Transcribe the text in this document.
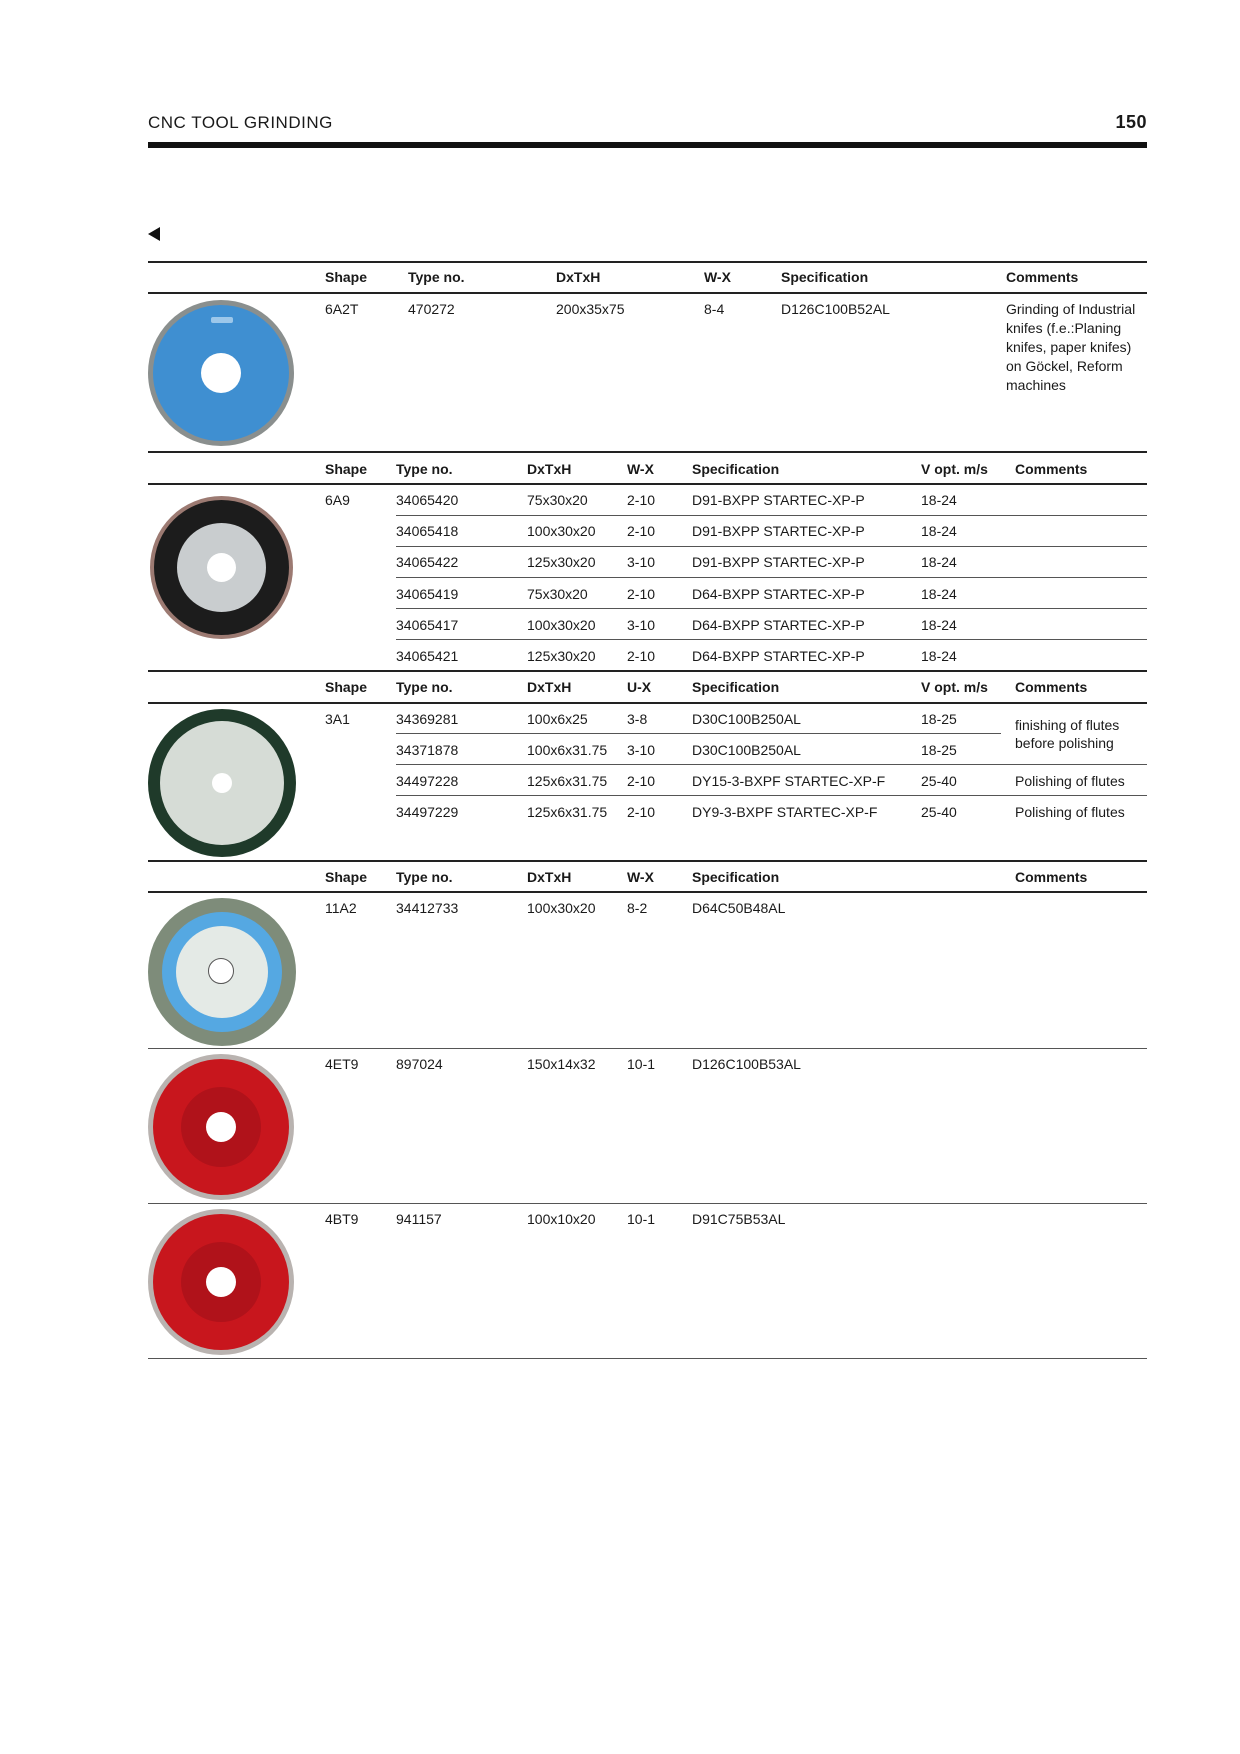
CNC TOOL GRINDING	150
Shape	Type no.	DxTxH	W-X	Specification	Comments
6A2T	470272	200x35x75	8-4	D126C100B52AL	Grinding of Industrial knifes (f.e.:Planing knifes, paper knifes) on Göckel, Reform machines
Shape Type no.	DxTxH	W-X	Specification	V opt. m/s Comments
6A9	34065420	75x30x20	2-10	D91-BXPP STARTEC-XP-P	18-24
34065418	100x30x20 2-10	D91-BXPP STARTEC-XP-P	18-24
34065422	125x30x20 3-10	D91-BXPP STARTEC-XP-P	18-24
34065419	75x30x20	2-10	D64-BXPP STARTEC-XP-P	18-24
34065417	100x30x20 3-10	D64-BXPP STARTEC-XP-P	18-24
34065421	125x30x20 2-10	D64-BXPP STARTEC-XP-P	18-24
Shape Type no.	DxTxH	U-X	Specification	V opt. m/s Comments
3A1	34369281	100x6x25	3-8	D30C100B250AL	18-25	finishing of flutes before polishing
34371878	100x6x31.75 3-10	D30C100B250AL	18-25
34497228	125x6x31.75 2-10	DY15-3-BXPF STARTEC-XP-F	25-40	Polishing of flutes
34497229	125x6x31.75 2-10	DY9-3-BXPF STARTEC-XP-F	25-40	Polishing of flutes
Shape Type no.	DxTxH	W-X	Specification	Comments
11A2	34412733	100x30x20 8-2	D64C50B48AL
4ET9	897024	150x14x32 10-1	D126C100B53AL
4BT9	941157	100x10x20 10-1	D91C75B53AL
